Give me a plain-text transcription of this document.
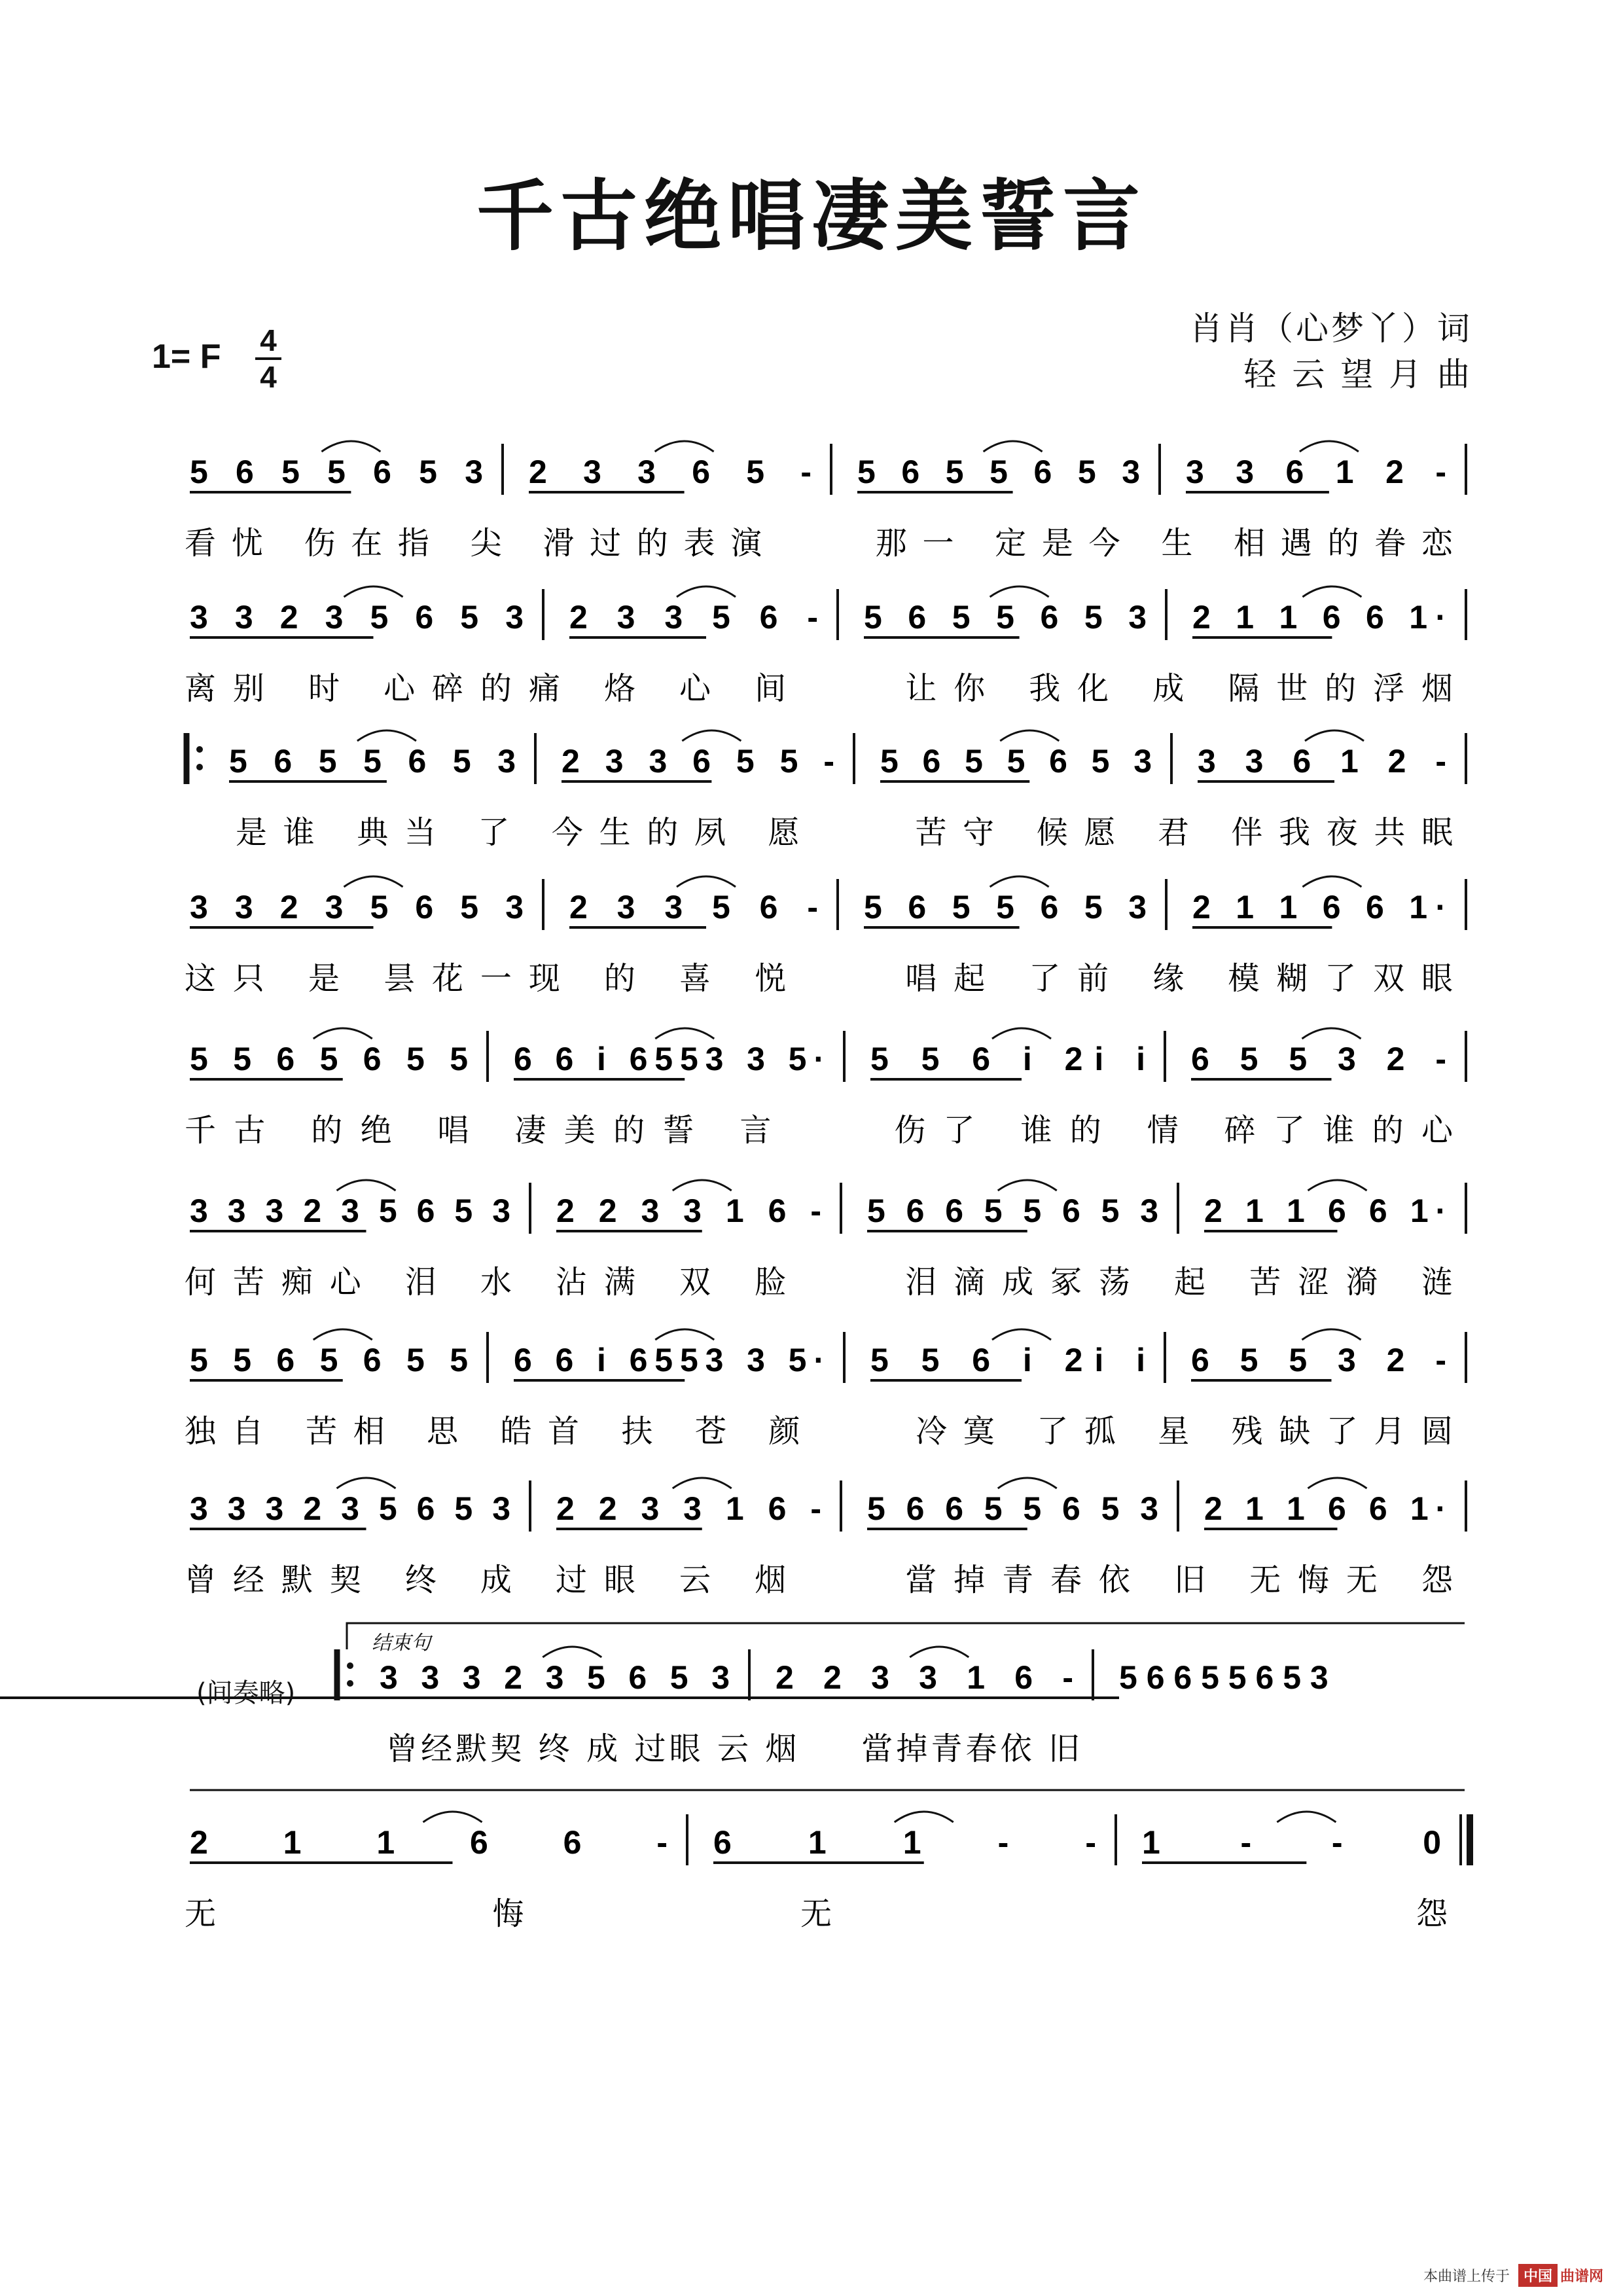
千古绝唱凄美誓言
1= F 4
4
肖肖（心梦丫）词
轻 云 望 月 曲
5 6 5 5 6 5 3 2 3 3 6 5 - 5 6 5 5 6 5 3 3 3 6 1 2 -
看忧 伤在指 尖 滑过的表演 　 那一 定是今 生 相遇的眷恋
3 3 2 3 5 6 5 3 2 3 3 5 6 - 5 6 5 5 6 5 3 2 1 1 6 6 1·
离别 时 心碎的痛 烙 心 间 　 让你 我化 成 隔世的浮烟
5 6 5 5 6 5 3 2 3 3 6 5 5 - 5 6 5 5 6 5 3 3 3 6 1 2 -
是谁 典当 了 今生的夙 愿 　 苦守 候愿 君 伴我夜共眠
3 3 2 3 5 6 5 3 2 3 3 5 6 - 5 6 5 5 6 5 3 2 1 1 6 6 1·
这只 是 昙花一现 的 喜 悦 　 唱起 了前 缘 模糊了双眼
5 5 6 5 6 5 5 6 6 i 6553 3 5· 5 5 6 i 2i i 6 5 5 3 2 -
千古 的绝 唱 凄美的誓 言 　 伤了 谁的 情 碎了谁的心
3 3 3 2 3 5 6 5 3 2 2 3 3 1 6 - 5 6 6 5 5 6 5 3 2 1 1 6 6 1·
何苦痴心 泪 水 沾满 双 脸 　 泪滴成冢荡 起 苦涩漪 涟
5 5 6 5 6 5 5 6 6 i 6553 3 5· 5 5 6 i 2i i 6 5 5 3 2 -
独自 苦相 思 皓首 扶 苍 颜 　 冷寞 了孤 星 残缺了月圆
3 3 3 2 3 5 6 5 3 2 2 3 3 1 6 - 5 6 6 5 5 6 5 3 2 1 1 6 6 1·
曾经默契 终 成 过眼 云 烟 　 當掉青春依 旧 无悔无 怨
3 3 3 2 3 5 6 5 3 2 2 3 3 1 6 - 5 6 6 5 5 6 5 3
曾经默契 终 成 过眼 云 烟 　 當掉青春依 旧
2 1 1 6 6 - 6 1 1 - - 1 - - 0
无 悔 无 　 怨
结束句
(间奏略)
本曲谱上传于 中国 曲谱网
